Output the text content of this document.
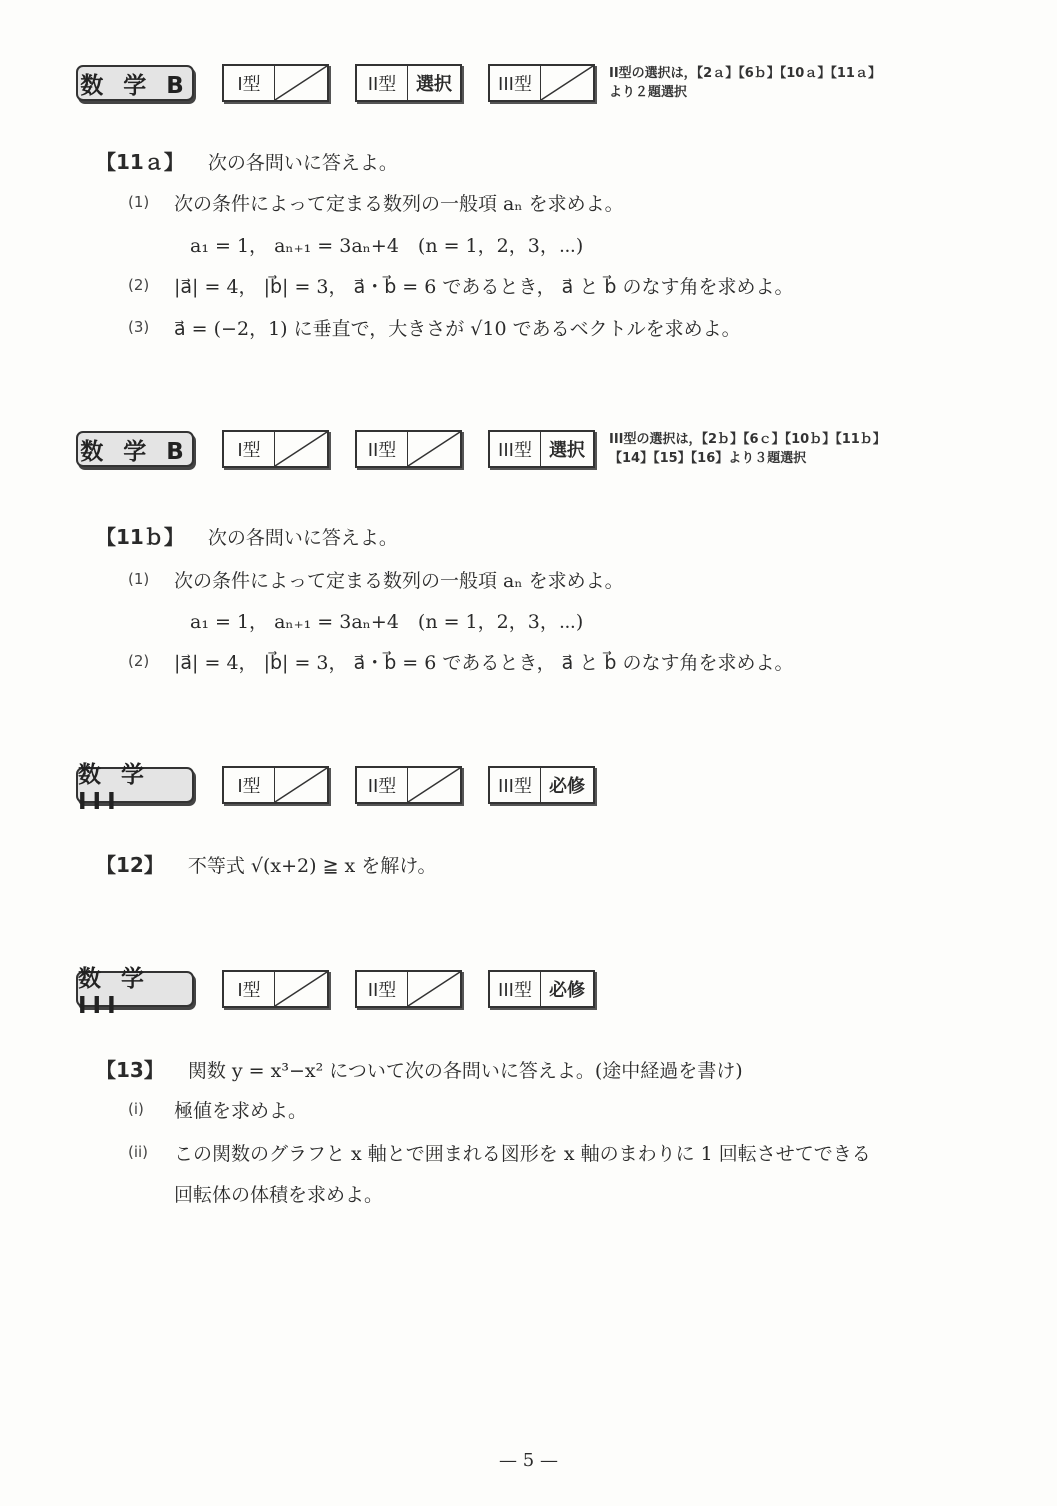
数 学 B	I型	II型	選択	III型
II型の選択は，【2ａ】【6ｂ】【10ａ】【11ａ】
より２題選択
【11ａ】 次の各問いに答えよ。
(1) 次の条件によって定まる数列の一般項 aₙ を求めよ。
a₁ = 1， aₙ₊₁ = 3aₙ+4　(n = 1，2，3，⋯)
(2) |a⃗| = 4， |b⃗| = 3， a⃗・b⃗ = 6 であるとき， a⃗ と b⃗ のなす角を求めよ。
(3) a⃗ = (−2，1) に垂直で，大きさが √10 であるベクトルを求めよ。
数 学 B	I型	II型	III型 選択
III型の選択は，【2ｂ】【6ｃ】【10ｂ】【11ｂ】
【14】【15】【16】より３題選択
【11ｂ】 次の各問いに答えよ。
(1) 次の条件によって定まる数列の一般項 aₙ を求めよ。
a₁ = 1， aₙ₊₁ = 3aₙ+4　(n = 1，2，3，⋯)
(2) |a⃗| = 4， |b⃗| = 3， a⃗・b⃗ = 6 であるとき， a⃗ と b⃗ のなす角を求めよ。
数 学 III
I型	II型	III型 必修
【12】 不等式 √(x+2) ≧ x を解け。
数 学 III
I型	II型	III型 必修
【13】 関数 y = x³−x² について次の各問いに答えよ。(途中経過を書け)
(i) 極値を求めよ。
(ii) この関数のグラフと x 軸とで囲まれる図形を x 軸のまわりに 1 回転させてできる
回転体の体積を求めよ。
— 5 —
